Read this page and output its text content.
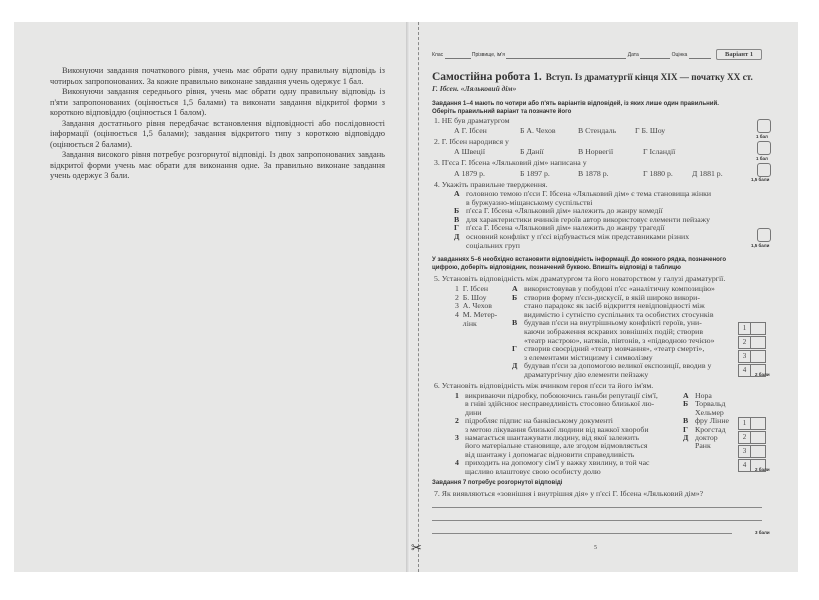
Виконуючи завдання початкового рівня, учень має обрати одну правильну відповідь із чотирьох запропонованих. За кожне правильно виконане завдання учень одержує 1 бал.

Виконуючи завдання середнього рівня, учень має обрати одну правильну відповідь із п'яти запропонованих (оцінюється 1,5 балами) та виконати завдання відкритої форми з короткою відповіддю (оцінюється 1 балом).

Завдання достатнього рівня передбачає встановлення відповідності або послідовності інформації (оцінюється 1,5 балами); завдання відкритого типу з короткою відповіддю (оцінюється 2 балами).

Завдання високого рівня потребує розгорнутої відповіді. Із двох запропонованих завдань відкритої форми учень має обрати для виконання одне. За правильно виконане завдання учень одержує 3 бали.

Клас	Прізвище, ім'я	Дата	Оцінка	Варіант 1
Самостійна робота 1. Вступ. Із драматургії кінця XIX — початку XX ст.
Г. Ібсен. «Ляльковий дім»
Завдання 1–4 мають по чотири або п'ять варіантів відповідей, із яких лише один правильний.
Оберіть правильний варіант та позначте його
1. НЕ був драматургом
А Г. Ібсен	Б А. Чехов	В Стендаль Г Б. Шоу
1 бал
2. Г. Ібсен народився у
А Швеції	Б Данії	В Норвегії	Г Ісландії
1 бал
3. П'єса Г. Ібсена «Ляльковий дім» написана у
А 1879 р.	Б 1897 р.	В 1878 р.	Г 1880 р. Д 1881 р.
1,5 бали
4. Укажіть правильне твердження.
А головною темою п'єси Г. Ібсена «Ляльковий дім» є тема становища жінки
в буржуазно-міщанському суспільстві
Б п'єса Г. Ібсена «Ляльковий дім» належить до жанру комедії
В для характеристики вчинків героїв автор використовує елементи пейзажу
Г п'єса Г. Ібсена «Ляльковий дім» належить до жанру трагедії
Д основний конфлікт у п'єсі відбувається між представниками різних
соціальних груп	1,5 бали
У завданнях 5–6 необхідно встановити відповідність інформації. До кожного рядка, позначеного
цифрою, доберіть відповідник, позначений буквою. Впишіть відповіді в таблицю
5. Установіть відповідність між драматургом та його новаторством у галузі драматургії.
1  Г. Ібсен
2  Б. Шоу
3  А. Чехов
4  М. Метер-
лінк
А використовував у побудові п'єс «аналітичну композицію»
Б створив форму п'єси-дискусії, в якій широко викори-
стано парадокс як засіб відкриття невідповідності між
видимістю і сутністю суспільних та особистих стосунків
В будував п'єси на внутрішньому конфлікті героїв, уни-
каючи зображення яскравих зовнішніх подій; створив
«театр настрою», натяків, півтонів, з «підводною течією»
Г створив своєрідний «театр мовчання», «театр смерті»,
з елементами містицизму і символізму
Д будував п'єси за допомогою великої експозиції, вводив у
драматургічну дію елементи пейзажу
1
2
3
4
2 бали
6. Установіть відповідність між вчинком героя п'єси та його ім'ям.
1 викриваючи підробку, побоюючись ганьби репутації сім'ї,
в гніві здійснює несправедливість стосовно близької лю-
дини
2 підробляє підпис на банківському документі
з метою лікування близької людини від важкої хвороби
3 намагається шантажувати людину, від якої залежить
його матеріальне становище, але згодом відмовляється
від шантажу і допомагає відновити справедливість
4 приходить на допомогу сім'ї у важку хвилину, в той час
щасливо влаштовує свою особисту долю
А Нора
Б Торвальд
Хельмер
В фру Лінне
Г Крогстад
Д доктор
Ранк
1
2
3
4
2 бали
Завдання 7 потребує розгорнутої відповіді
7. Як виявляються «зовнішня і внутрішня дія» у п'єсі Г. Ібсена «Ляльковий дім»?
3 бали
✂	5
